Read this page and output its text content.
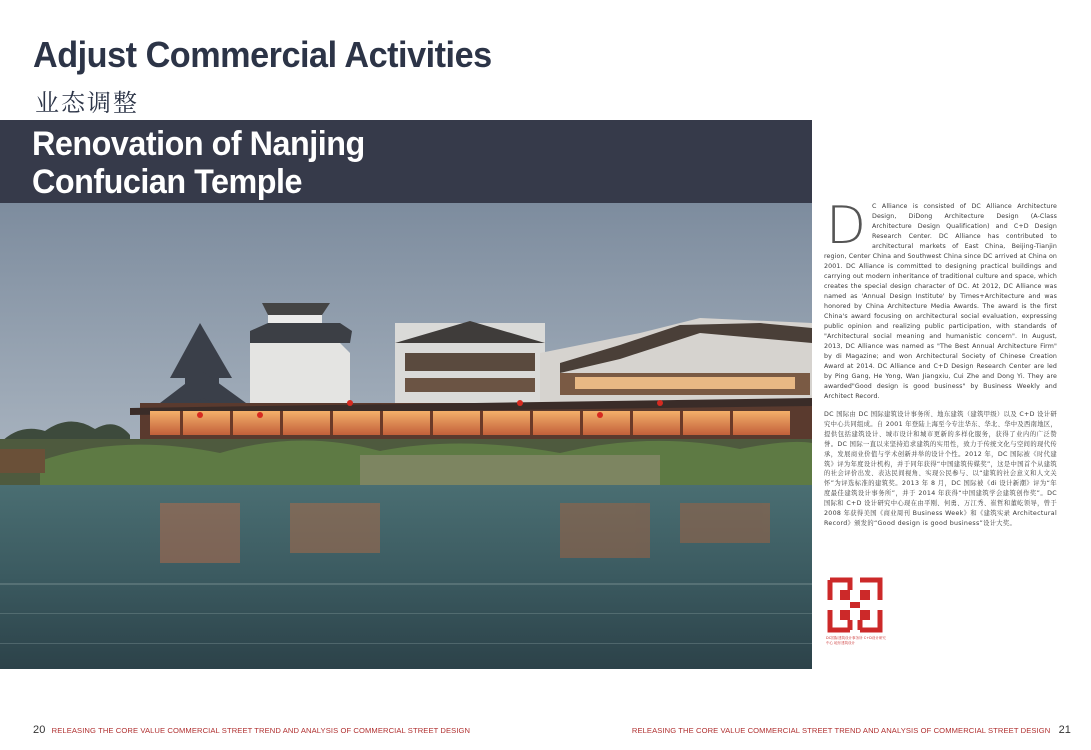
Adjust Commercial Activities
业态调整
Renovation of Nanjing
Confucian Temple
D C Alliance is consisted of DC Alliance Architecture Design, DiDong Architecture Design (A-Class Architecture Design Qualification) and C+D Design Research Center. DC Alliance has contributed to architectural markets of East China, Beijing-Tianjin region, Center China and Southwest China since DC arrived at China on 2001. DC Alliance is committed to designing practical buildings and carrying out modern inheritance of traditional culture and space, which creates the special design character of DC. At 2012, DC Alliance was named as 'Annual Design Institute' by Times+Architecture and was honored by China Architecture Media Awards. The award is the first China's award focusing on architectural social evaluation, expressing public opinion and realizing public participation, with standards of "Architectural social meaning and humanistic concern". In August, 2013, DC Alliance was named as "The Best Annual Architecture Firm" by di Magazine; and won Architectural Society of Chinese Creation Award at 2014. DC Alliance and C+D Design Research Center are led by Ping Gang, He Yong, Wan Jiangxiu, Cui Zhe and Dong Yi. They are awarded"Good design is good business" by Business Weekly and Architect Record.

DC 国际由 DC 国际建筑设计事务所、地东建筑（建筑甲级）以及 C+D 设计研究中心共同组成。自 2001 年登陆上海至今专注华东、华北、华中及西南地区，提供包括建筑设计、城市设计和城市更新的多样化服务，获得了业内的广泛赞誉。DC 国际一直以来坚持追求建筑的实用性，致力于传统文化与空间的现代传承，发展商业价值与学术创新并举的设计个性。2012 年，DC 国际被《时代建筑》评为年度设计机构，并于同年获得“中国建筑传媒奖”，这是中国首个从建筑的社会评价出发、表达民间视角、实现公民参与、以“建筑的社会意义和人文关怀”为评选标准的建筑奖。2013 年 8 月，DC 国际被《di 设计新潮》评为“年度最佳建筑设计事务所”，并于 2014 年获得“中国建筑学会建筑创作奖”。DC 国际和 C+D 设计研究中心现在由平刚、何勇、万江秀、崔哲和董屹领导，曾于 2008 年获得美国《商业周刊 Business Week》和《建筑实录 Architectural Record》颁发的“Good design is good business”设计大奖。

DC国际建筑设计事务所 C+D设计研究中心 地东建筑设计
20 RELEASING THE CORE VALUE COMMERCIAL STREET TREND AND ANALYSIS OF COMMERCIAL STREET DESIGN	RELEASING THE CORE VALUE COMMERCIAL STREET TREND AND ANALYSIS OF COMMERCIAL STREET DESIGN 21
